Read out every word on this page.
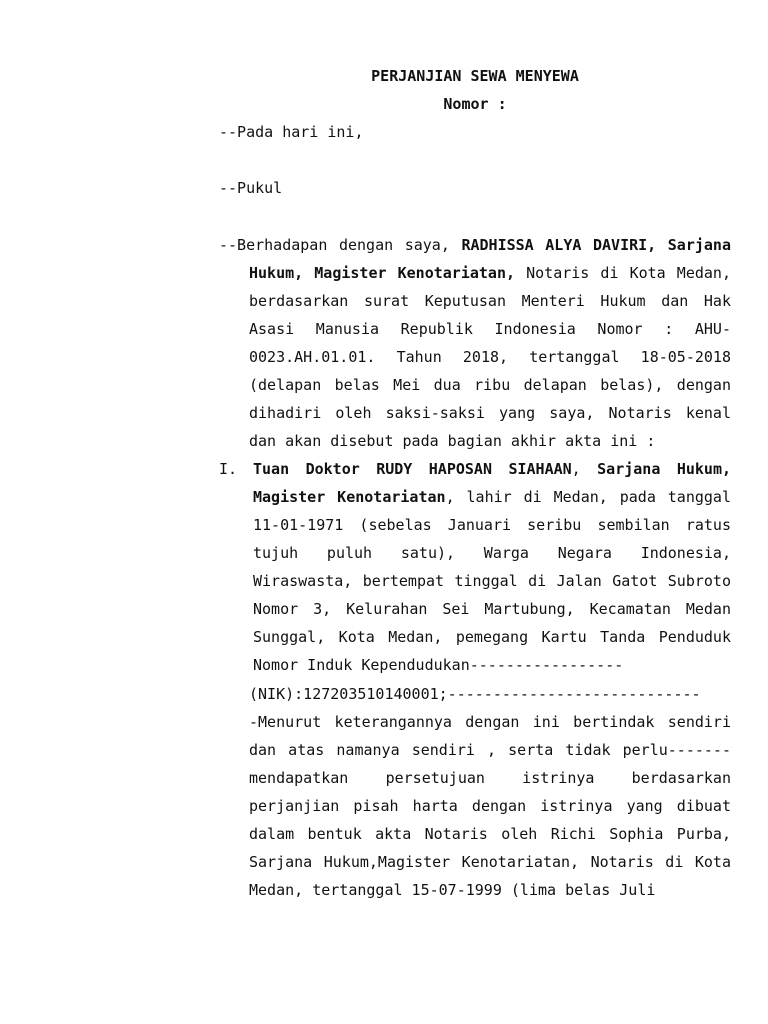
PERJANJIAN SEWA MENYEWA
Nomor :
--Pada hari ini,
--Pukul
--Berhadapan dengan saya, RADHISSA ALYA DAVIRI, Sarjana Hukum, Magister Kenotariatan, Notaris di Kota Medan, berdasarkan surat Keputusan Menteri Hukum dan Hak Asasi Manusia Republik Indonesia Nomor : AHU-0023.AH.01.01. Tahun 2018, tertanggal 18-05-2018 (delapan belas Mei dua ribu delapan belas), dengan dihadiri oleh saksi-saksi yang saya, Notaris kenal dan akan disebut pada bagian akhir akta ini :
I. Tuan Doktor RUDY HAPOSAN SIAHAAN, Sarjana Hukum, Magister Kenotariatan, lahir di Medan, pada tanggal 11-01-1971 (sebelas Januari seribu sembilan ratus tujuh puluh satu), Warga Negara Indonesia, Wiraswasta, bertempat tinggal di Jalan Gatot Subroto Nomor 3, Kelurahan Sei Martubung, Kecamatan Medan Sunggal, Kota Medan, pemegang Kartu Tanda Penduduk Nomor Induk Kependudukan-----------------
(NIK):127203510140001;----------------------------
-Menurut keterangannya dengan ini bertindak sendiri dan atas namanya sendiri , serta tidak perlu------- mendapatkan persetujuan istrinya berdasarkan perjanjian pisah harta dengan istrinya yang dibuat dalam bentuk akta Notaris oleh Richi Sophia Purba, Sarjana Hukum,Magister Kenotariatan, Notaris di Kota Medan, tertanggal 15-07-1999 (lima belas Juli
